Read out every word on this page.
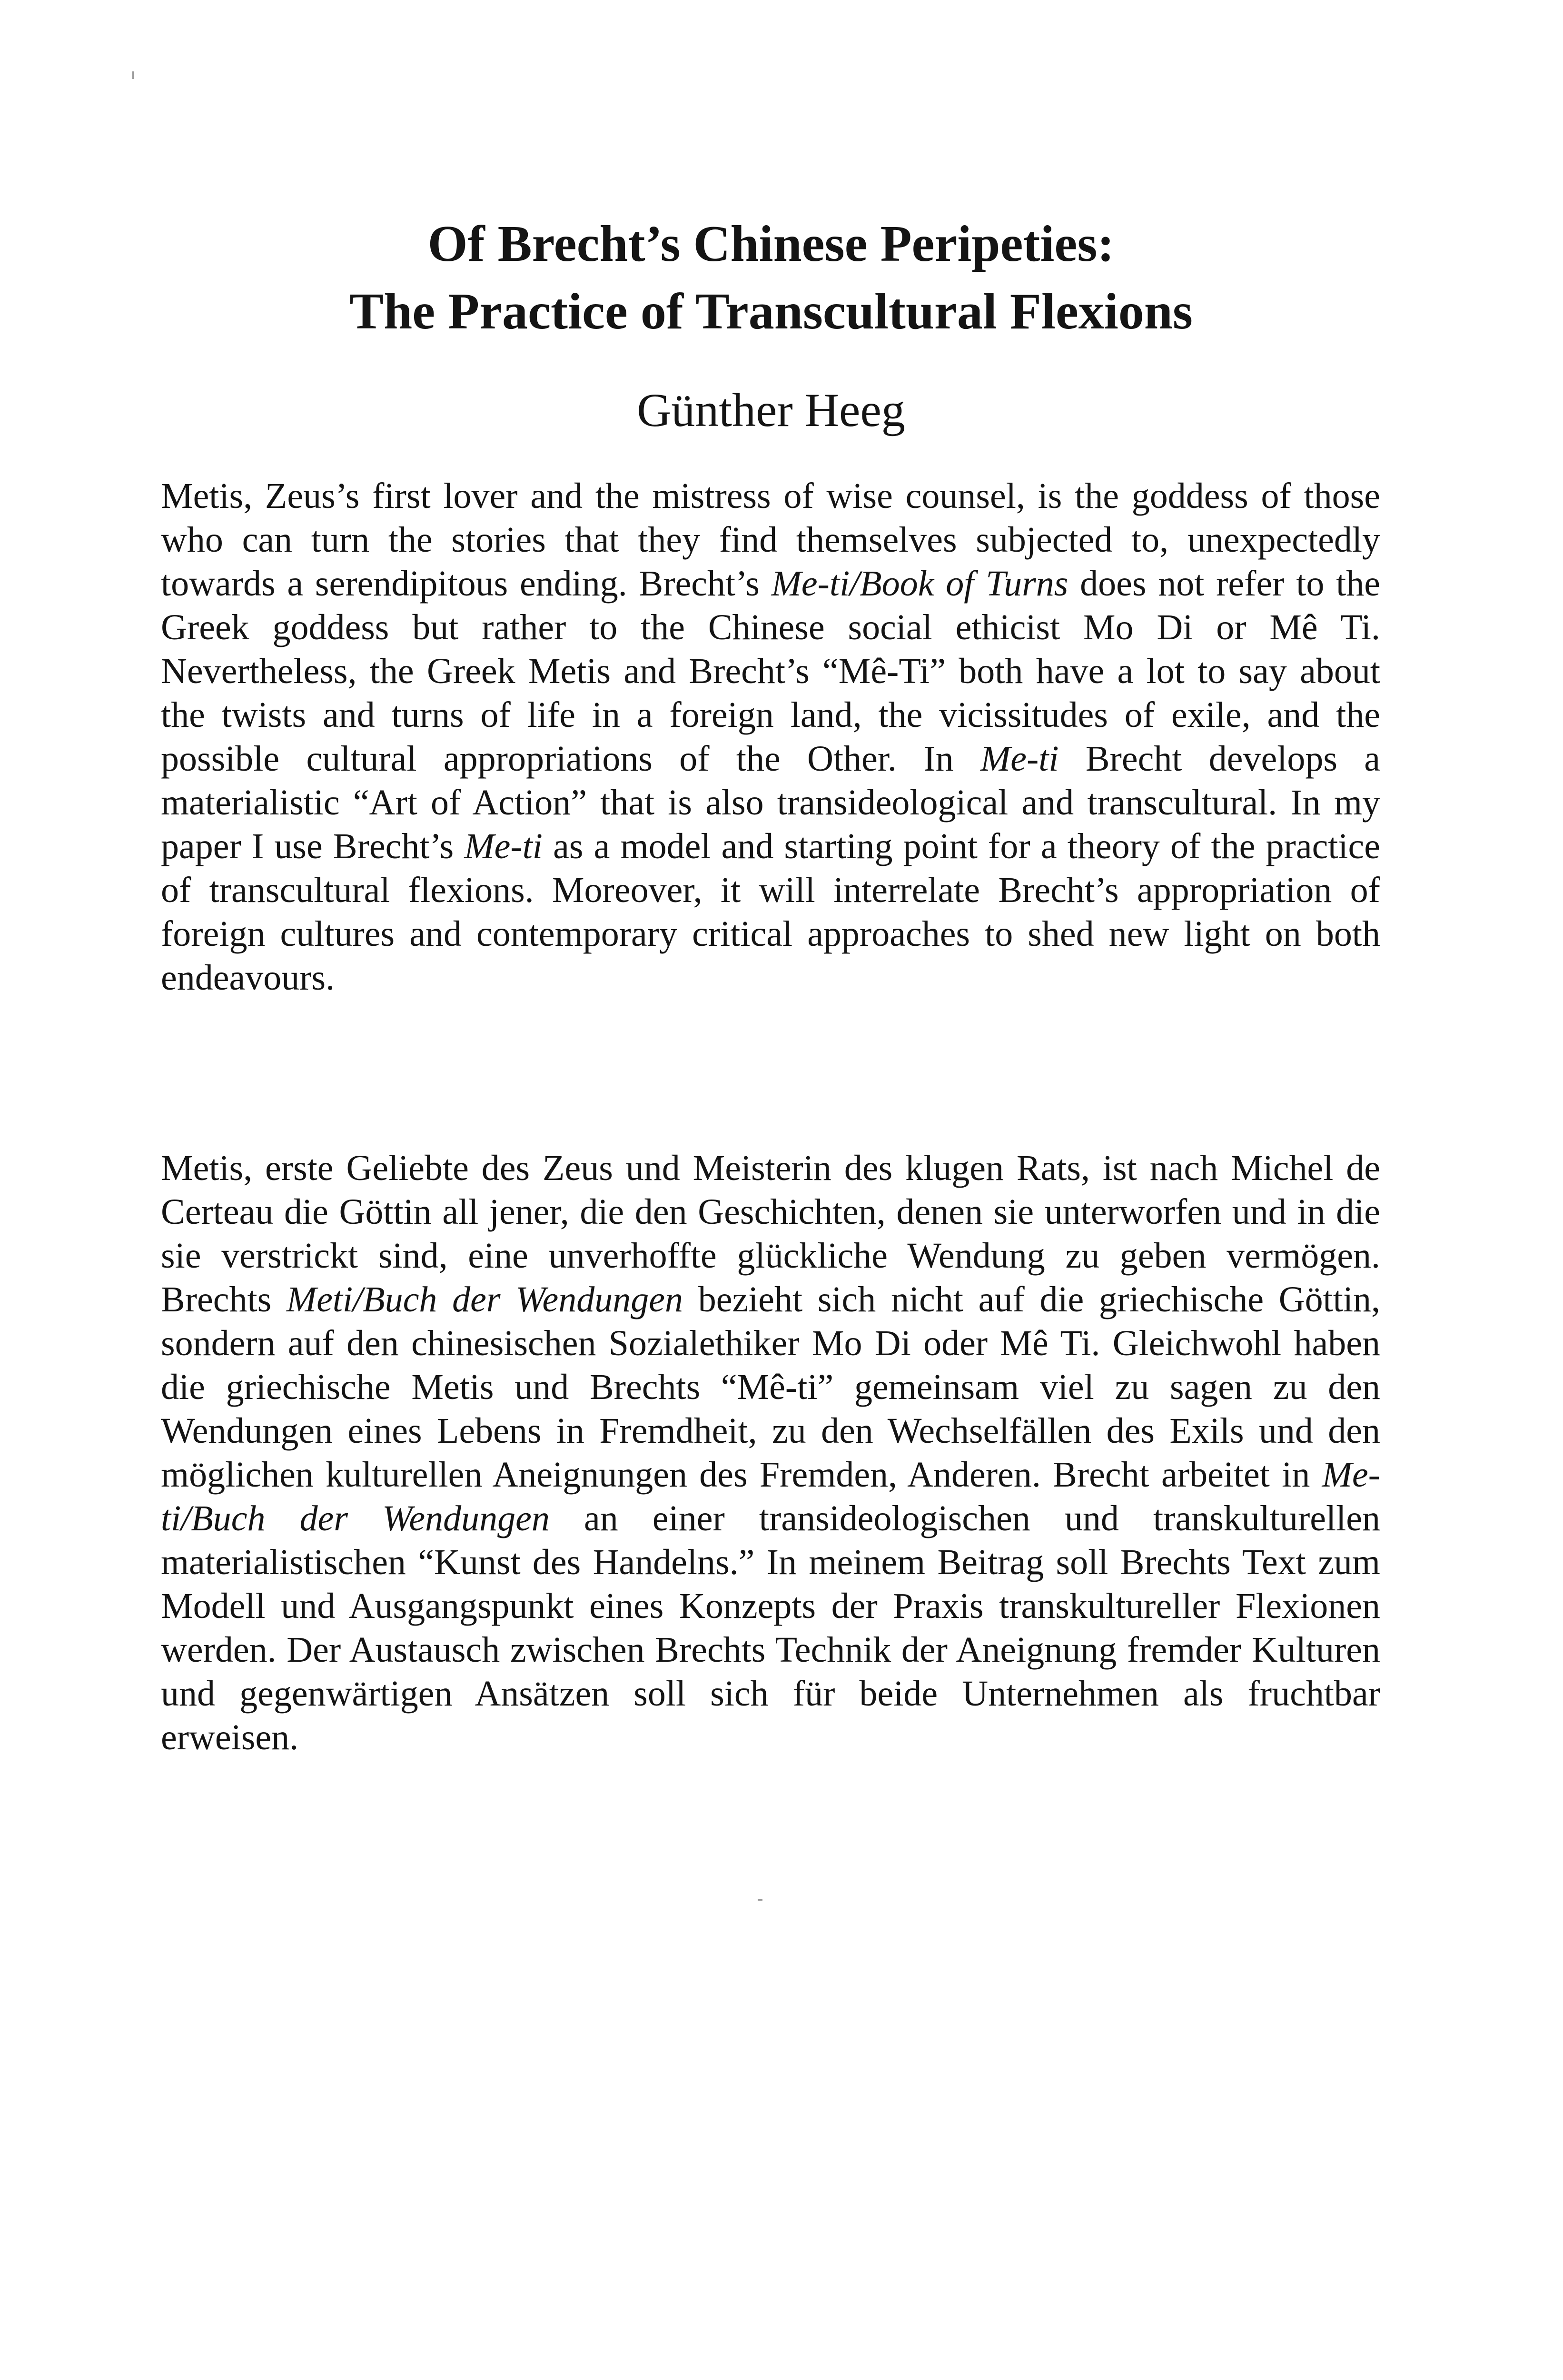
Of Brecht’s Chinese Peripeties:
The Practice of Transcultural Flexions
Günther Heeg

Metis, Zeus’s first lover and the mistress of wise counsel, is the goddess of those who can turn the stories that they find themselves subjected to, unexpectedly towards a serendipitous ending. Brecht’s Me-ti/Book of Turns does not refer to the Greek goddess but rather to the Chinese social ethicist Mo Di or Mê Ti. Nevertheless, the Greek Metis and Brecht’s “Mê-Ti” both have a lot to say about the twists and turns of life in a foreign land, the vicissitudes of exile, and the possible cultural appropriations of the Other. In Me-ti Brecht develops a materialistic “Art of Action” that is also transideological and transcultural. In my paper I use Brecht’s Me-ti as a model and starting point for a theory of the practice of transcultural flexions. Moreover, it will interrelate Brecht’s appropriation of foreign cultures and contemporary critical approaches to shed new light on both endeavours.

Metis, erste Geliebte des Zeus und Meisterin des klugen Rats, ist nach Michel de Certeau die Göttin all jener, die den Geschichten, denen sie unterworfen und in die sie verstrickt sind, eine unverhoffte glückliche Wendung zu geben vermögen. Brechts Meti/Buch der Wendungen bezieht sich nicht auf die griechische Göttin, sondern auf den chinesischen Sozialethiker Mo Di oder Mê Ti. Gleichwohl haben die griechische Metis und Brechts “Mê-ti” gemeinsam viel zu sagen zu den Wendungen eines Lebens in Fremdheit, zu den Wechselfällen des Exils und den möglichen kulturellen Aneignungen des Fremden, Anderen. Brecht arbeitet in Me-ti/Buch der Wendungen an einer transideologischen und transkulturellen materialistischen “Kunst des Handelns.” In meinem Beitrag soll Brechts Text zum Modell und Ausgangspunkt eines Konzepts der Praxis transkultureller Flexionen werden. Der Austausch zwischen Brechts Technik der Aneignung fremder Kulturen und gegenwärtigen Ansätzen soll sich für beide Unternehmen als fruchtbar erweisen.
